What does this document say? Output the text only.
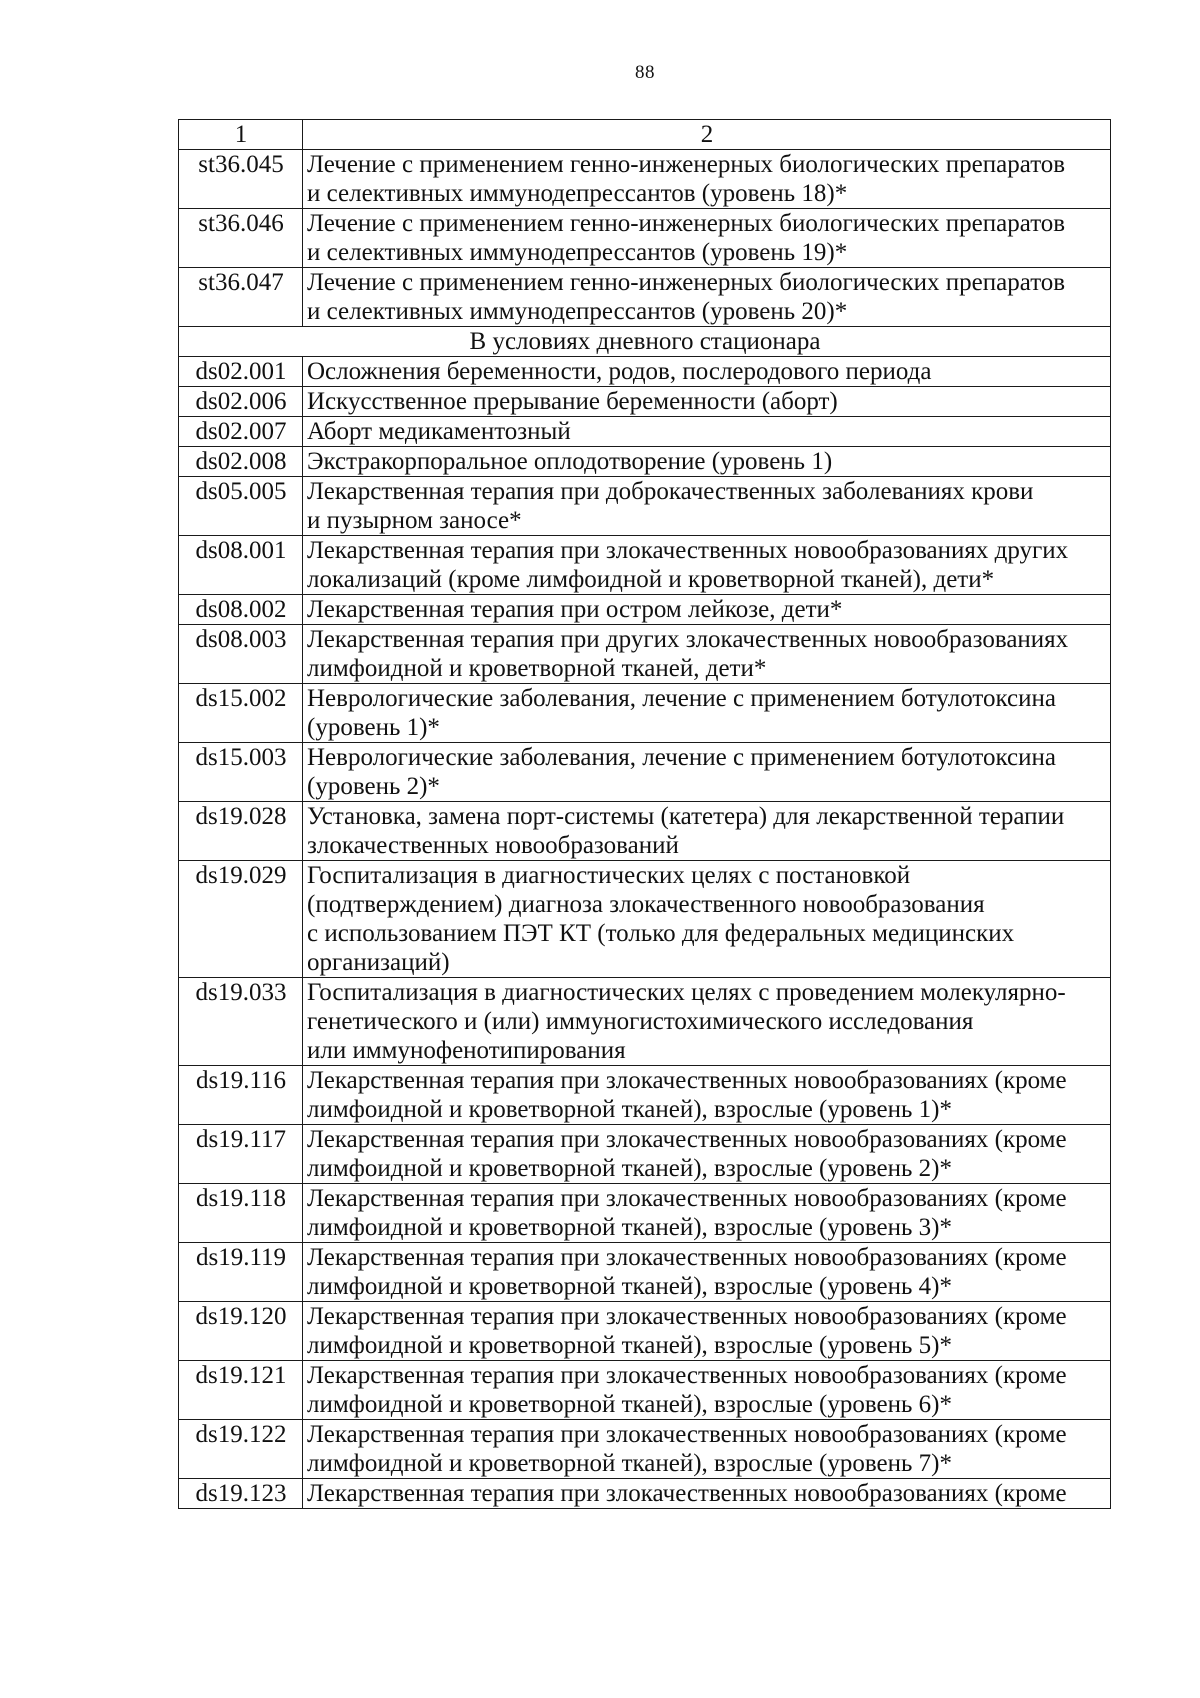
88
1	2
st36.045	Лечение с применением генно-инженерных биологических препаратов
и селективных иммунодепрессантов (уровень 18)*

st36.046	Лечение с применением генно-инженерных биологических препаратов
и селективных иммунодепрессантов (уровень 19)*

st36.047	Лечение с применением генно-инженерных биологических препаратов
и селективных иммунодепрессантов (уровень 20)*

В условиях дневного стационара	
ds02.001	Осложнения беременности, родов, послеродового периода

ds02.006	Искусственное прерывание беременности (аборт)

ds02.007	Аборт медикаментозный

ds02.008	Экстракорпоральное оплодотворение (уровень 1)

ds05.005	Лекарственная терапия при доброкачественных заболеваниях крови
и пузырном заносе*

ds08.001	Лекарственная терапия при злокачественных новообразованиях других
локализаций (кроме лимфоидной и кроветворной тканей), дети*

ds08.002	Лекарственная терапия при остром лейкозе, дети*

ds08.003	Лекарственная терапия при других злокачественных новообразованиях
лимфоидной и кроветворной тканей, дети*

ds15.002	Неврологические заболевания, лечение с применением ботулотоксина
(уровень 1)*

ds15.003	Неврологические заболевания, лечение с применением ботулотоксина
(уровень 2)*

ds19.028	Установка, замена порт-системы (катетера) для лекарственной терапии
злокачественных новообразований

ds19.029	Госпитализация в диагностических целях с постановкой
(подтверждением) диагноза злокачественного новообразования
с использованием ПЭТ КТ (только для федеральных медицинских
организаций)

ds19.033	Госпитализация в диагностических целях с проведением молекулярно-
генетического и (или) иммуногистохимического исследования
или иммунофенотипирования

ds19.116	Лекарственная терапия при злокачественных новообразованиях (кроме
лимфоидной и кроветворной тканей), взрослые (уровень 1)*

ds19.117	Лекарственная терапия при злокачественных новообразованиях (кроме
лимфоидной и кроветворной тканей), взрослые (уровень 2)*

ds19.118	Лекарственная терапия при злокачественных новообразованиях (кроме
лимфоидной и кроветворной тканей), взрослые (уровень 3)*

ds19.119	Лекарственная терапия при злокачественных новообразованиях (кроме
лимфоидной и кроветворной тканей), взрослые (уровень 4)*

ds19.120	Лекарственная терапия при злокачественных новообразованиях (кроме
лимфоидной и кроветворной тканей), взрослые (уровень 5)*

ds19.121	Лекарственная терапия при злокачественных новообразованиях (кроме
лимфоидной и кроветворной тканей), взрослые (уровень 6)*

ds19.122	Лекарственная терапия при злокачественных новообразованиях (кроме
лимфоидной и кроветворной тканей), взрослые (уровень 7)*

ds19.123	Лекарственная терапия при злокачественных новообразованиях (кроме
